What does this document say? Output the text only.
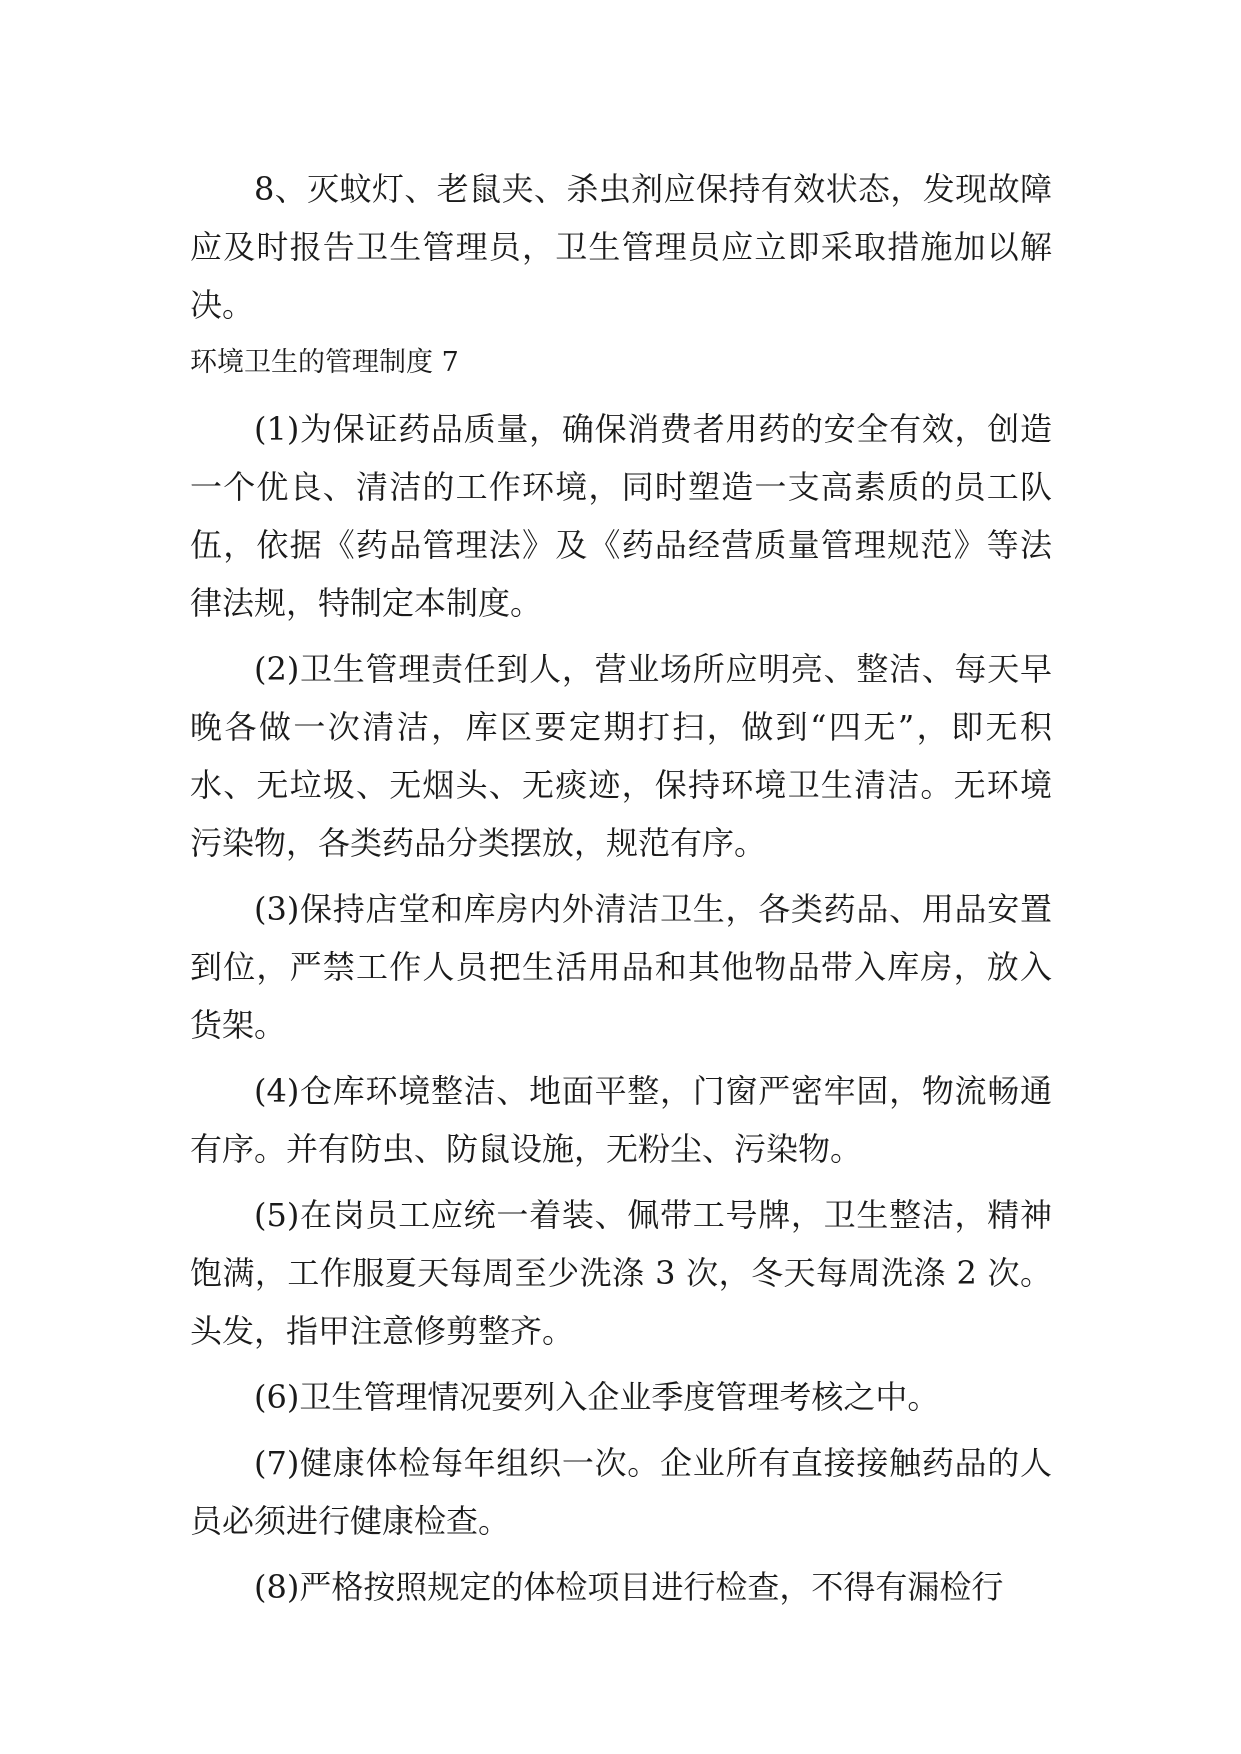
8、灭蚊灯、老鼠夹、杀虫剂应保持有效状态，发现故障应及时报告卫生管理员，卫生管理员应立即采取措施加以解决。

环境卫生的管理制度 7

(1)为保证药品质量，确保消费者用药的安全有效，创造一个优良、清洁的工作环境，同时塑造一支高素质的员工队伍，依据《药品管理法》及《药品经营质量管理规范》等法律法规，特制定本制度。

(2)卫生管理责任到人，营业场所应明亮、整洁、每天早晚各做一次清洁，库区要定期打扫，做到“四无”，即无积水、无垃圾、无烟头、无痰迹，保持环境卫生清洁。无环境污染物，各类药品分类摆放，规范有序。

(3)保持店堂和库房内外清洁卫生，各类药品、用品安置到位，严禁工作人员把生活用品和其他物品带入库房，放入货架。

(4)仓库环境整洁、地面平整，门窗严密牢固，物流畅通有序。并有防虫、防鼠设施，无粉尘、污染物。

(5)在岗员工应统一着装、佩带工号牌，卫生整洁，精神饱满，工作服夏天每周至少洗涤 3 次，冬天每周洗涤 2 次。头发，指甲注意修剪整齐。

(6)卫生管理情况要列入企业季度管理考核之中。

(7)健康体检每年组织一次。企业所有直接接触药品的人员必须进行健康检查。

(8)严格按照规定的体检项目进行检查，不得有漏检行
